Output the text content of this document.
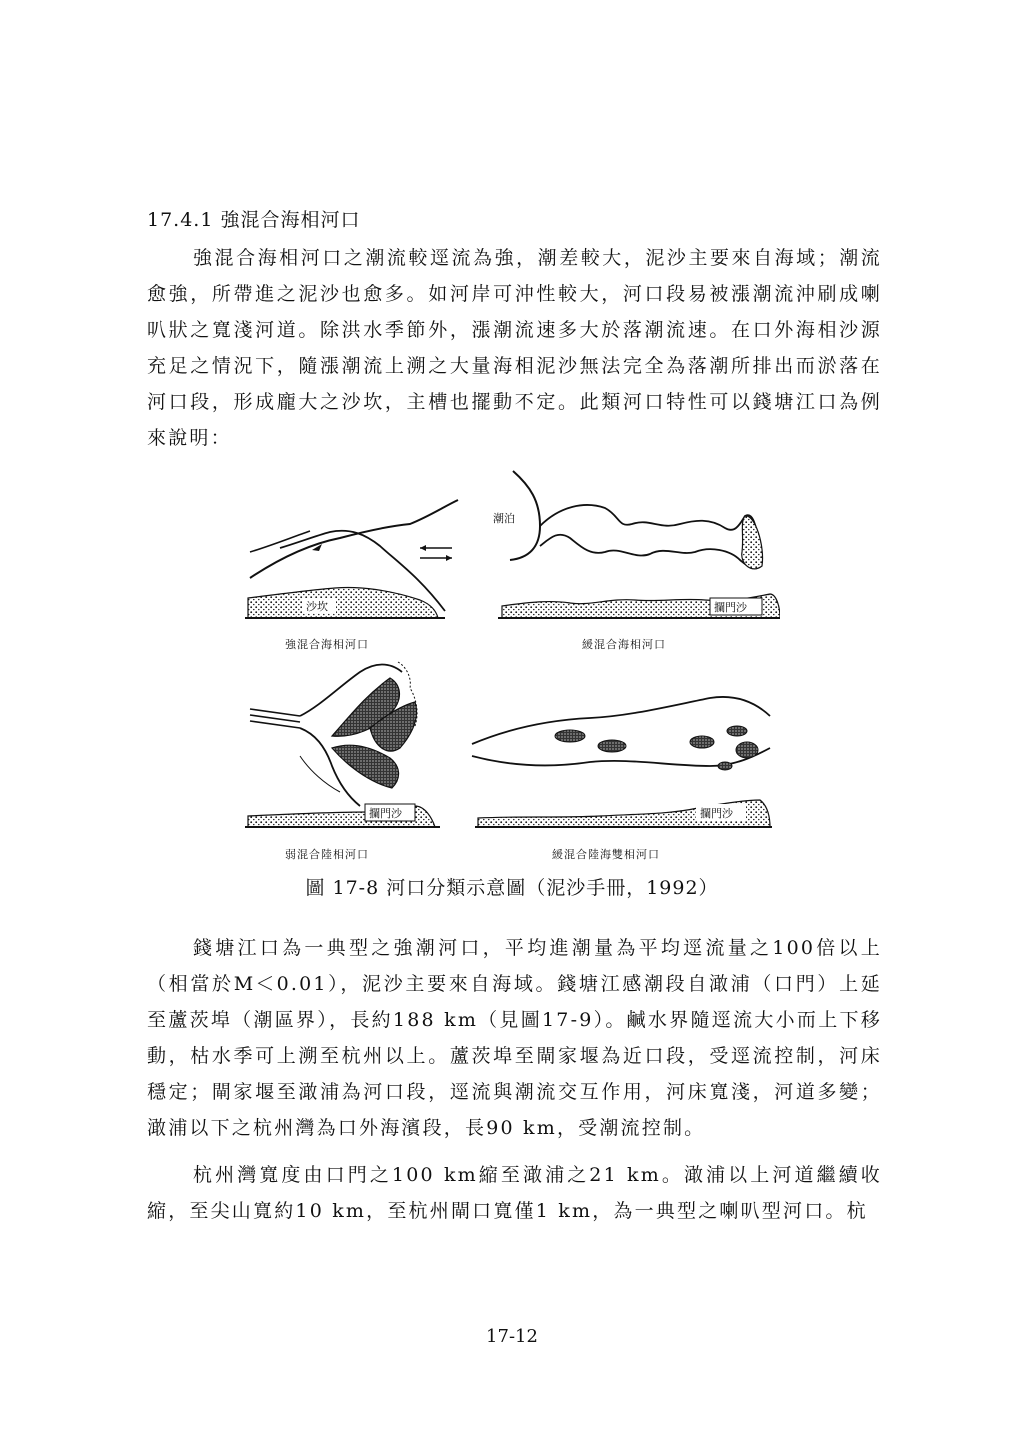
17.4.1 強混合海相河口

強混合海相河口之潮流較逕流為強，潮差較大，泥沙主要來自海域；潮流愈強，所帶進之泥沙也愈多。如河岸可沖性較大，河口段易被漲潮流沖刷成喇叭狀之寬淺河道。除洪水季節外，漲潮流速多大於落潮流速。在口外海相沙源充足之情況下，隨漲潮流上溯之大量海相泥沙無法完全為落潮所排出而淤落在河口段，形成龐大之沙坎，主槽也擺動不定。此類河口特性可以錢塘江口為例來說明：

沙坎
強混合海相河口
潮泊
攔門沙
緩混合海相河口
攔門沙
弱混合陸相河口
攔門沙
緩混合陸海雙相河口
圖 17-8 河口分類示意圖（泥沙手冊，1992）

錢塘江口為一典型之強潮河口，平均進潮量為平均逕流量之100倍以上（相當於M＜0.01），泥沙主要來自海域。錢塘江感潮段自澉浦（口門）上延至蘆茨埠（潮區界），長約188 km（見圖17-9）。鹹水界隨逕流大小而上下移動，枯水季可上溯至杭州以上。蘆茨埠至閘家堰為近口段，受逕流控制，河床穩定；閘家堰至澉浦為河口段，逕流與潮流交互作用，河床寬淺，河道多變；澉浦以下之杭州灣為口外海濱段，長90 km，受潮流控制。

杭州灣寬度由口門之100 km縮至澉浦之21 km。澉浦以上河道繼續收縮，至尖山寬約10 km，至杭州閘口寬僅1 km，為一典型之喇叭型河口。杭

17-12
